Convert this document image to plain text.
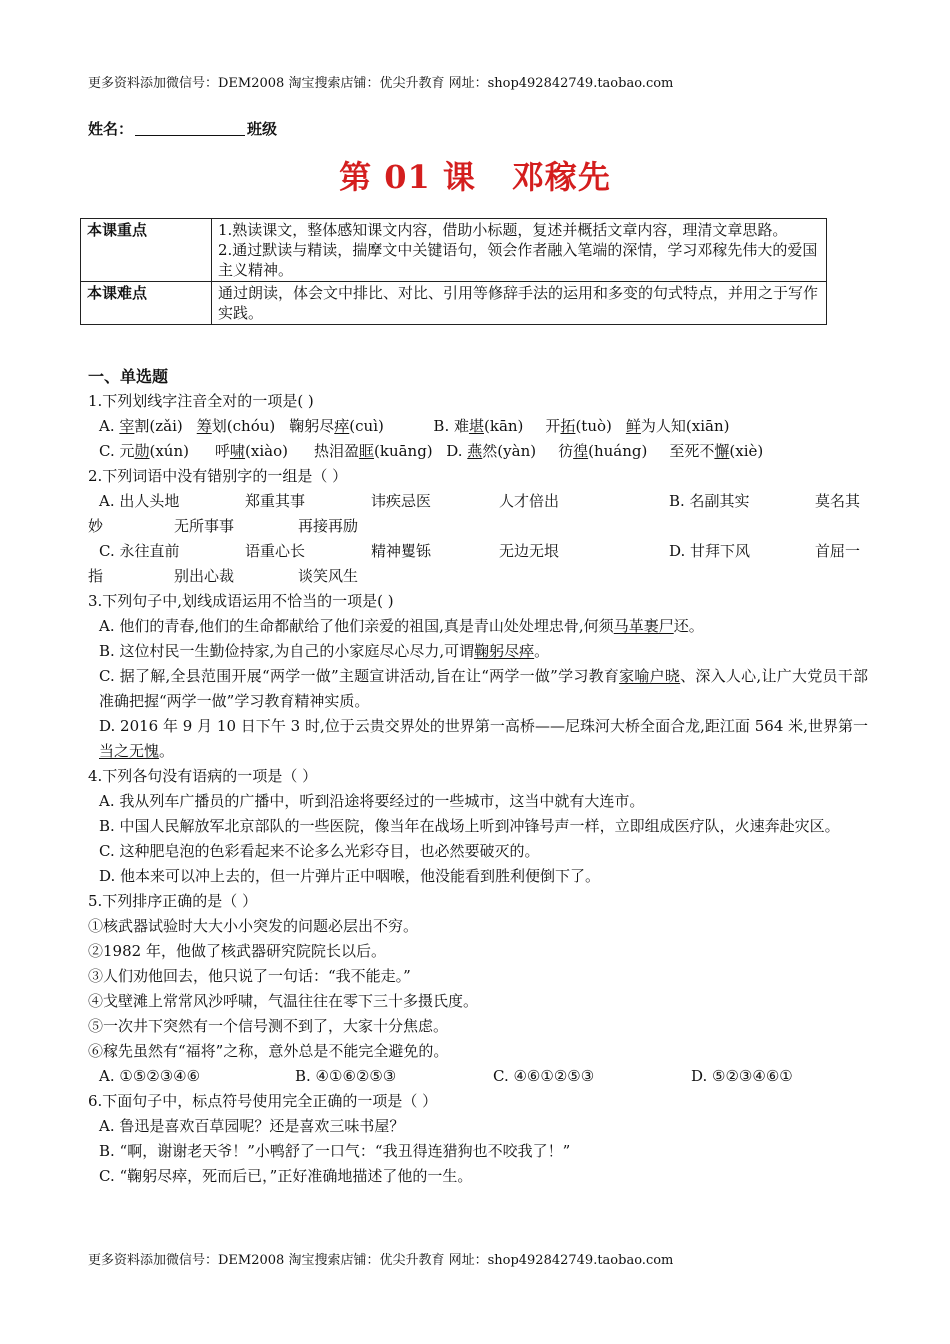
更多资料添加微信号：DEM2008 淘宝搜索店铺：优尖升教育 网址：shop492842749.taobao.com
姓名：	班级
第 01 课 邓稼先
本课重点	1.熟读课文，整体感知课文内容，借助小标题，复述并概括文章内容，理清文章思路。
2.通过默读与精读，揣摩文中关键语句，领会作者融入笔端的深情，学习邓稼先伟大的爱国主义精神。

本课难点	通过朗读，体会文中排比、对比、引用等修辞手法的运用和多变的句式特点，并用之于写作实践。
一、单选题
1.下列划线字注音全对的一项是( )
A. 宰割(zǎi) 筹划(chóu) 鞠躬尽瘁(cuì)	B. 难堪(kān) 开拓(tuò) 鲜为人知(xiān)
C. 元勋(xún) 呼啸(xiào) 热泪盈眶(kuāng) D. 燕然(yàn) 彷徨(huáng) 至死不懈(xiè)
2.下列词语中没有错别字的一组是（ ）
A. 出人头地	郑重其事	讳疾忌医	人才倍出	B. 名副其实	莫名其
妙	无所事事	再接再励
C. 永往直前	语重心长	精神矍铄	无边无垠	D. 甘拜下风	首屈一
指	别出心裁	谈笑风生
3.下列句子中,划线成语运用不恰当的一项是( )
A. 他们的青春,他们的生命都献给了他们亲爱的祖国,真是青山处处埋忠骨,何须马革裹尸还。
B. 这位村民一生勤俭持家,为自己的小家庭尽心尽力,可谓鞠躬尽瘁。
C. 据了解,全县范围开展“两学一做”主题宣讲活动,旨在让“两学一做”学习教育家喻户晓、深入人心,让广大党员干部准确把握“两学一做”学习教育精神实质。
D. 2016 年 9 月 10 日下午 3 时,位于云贵交界处的世界第一高桥——尼珠河大桥全面合龙,距江面 564 米,世界第一当之无愧。
4.下列各句没有语病的一项是（ ）
A. 我从列车广播员的广播中，听到沿途将要经过的一些城市，这当中就有大连市。
B. 中国人民解放军北京部队的一些医院，像当年在战场上听到冲锋号声一样，立即组成医疗队，火速奔赴灾区。
C. 这种肥皂泡的色彩看起来不论多么光彩夺目，也必然要破灭的。
D. 他本来可以冲上去的，但一片弹片正中咽喉，他没能看到胜利便倒下了。
5.下列排序正确的是（ ）
①核武器试验时大大小小突发的问题必层出不穷。
②1982 年，他做了核武器研究院院长以后。
③人们劝他回去，他只说了一句话：“我不能走。”
④戈壁滩上常常风沙呼啸，气温往往在零下三十多摄氏度。
⑤一次井下突然有一个信号测不到了，大家十分焦虑。
⑥稼先虽然有“福将”之称，意外总是不能完全避免的。
A. ①⑤②③④⑥	B. ④①⑥②⑤③	C. ④⑥①②⑤③	D. ⑤②③④⑥①
6.下面句子中，标点符号使用完全正确的一项是（ ）
A. 鲁迅是喜欢百草园呢？还是喜欢三味书屋？
B. “啊，谢谢老天爷！”小鸭舒了一口气：“我丑得连猎狗也不咬我了！”
C. “鞠躬尽瘁，死而后已，”正好准确地描述了他的一生。
更多资料添加微信号：DEM2008 淘宝搜索店铺：优尖升教育 网址：shop492842749.taobao.com
